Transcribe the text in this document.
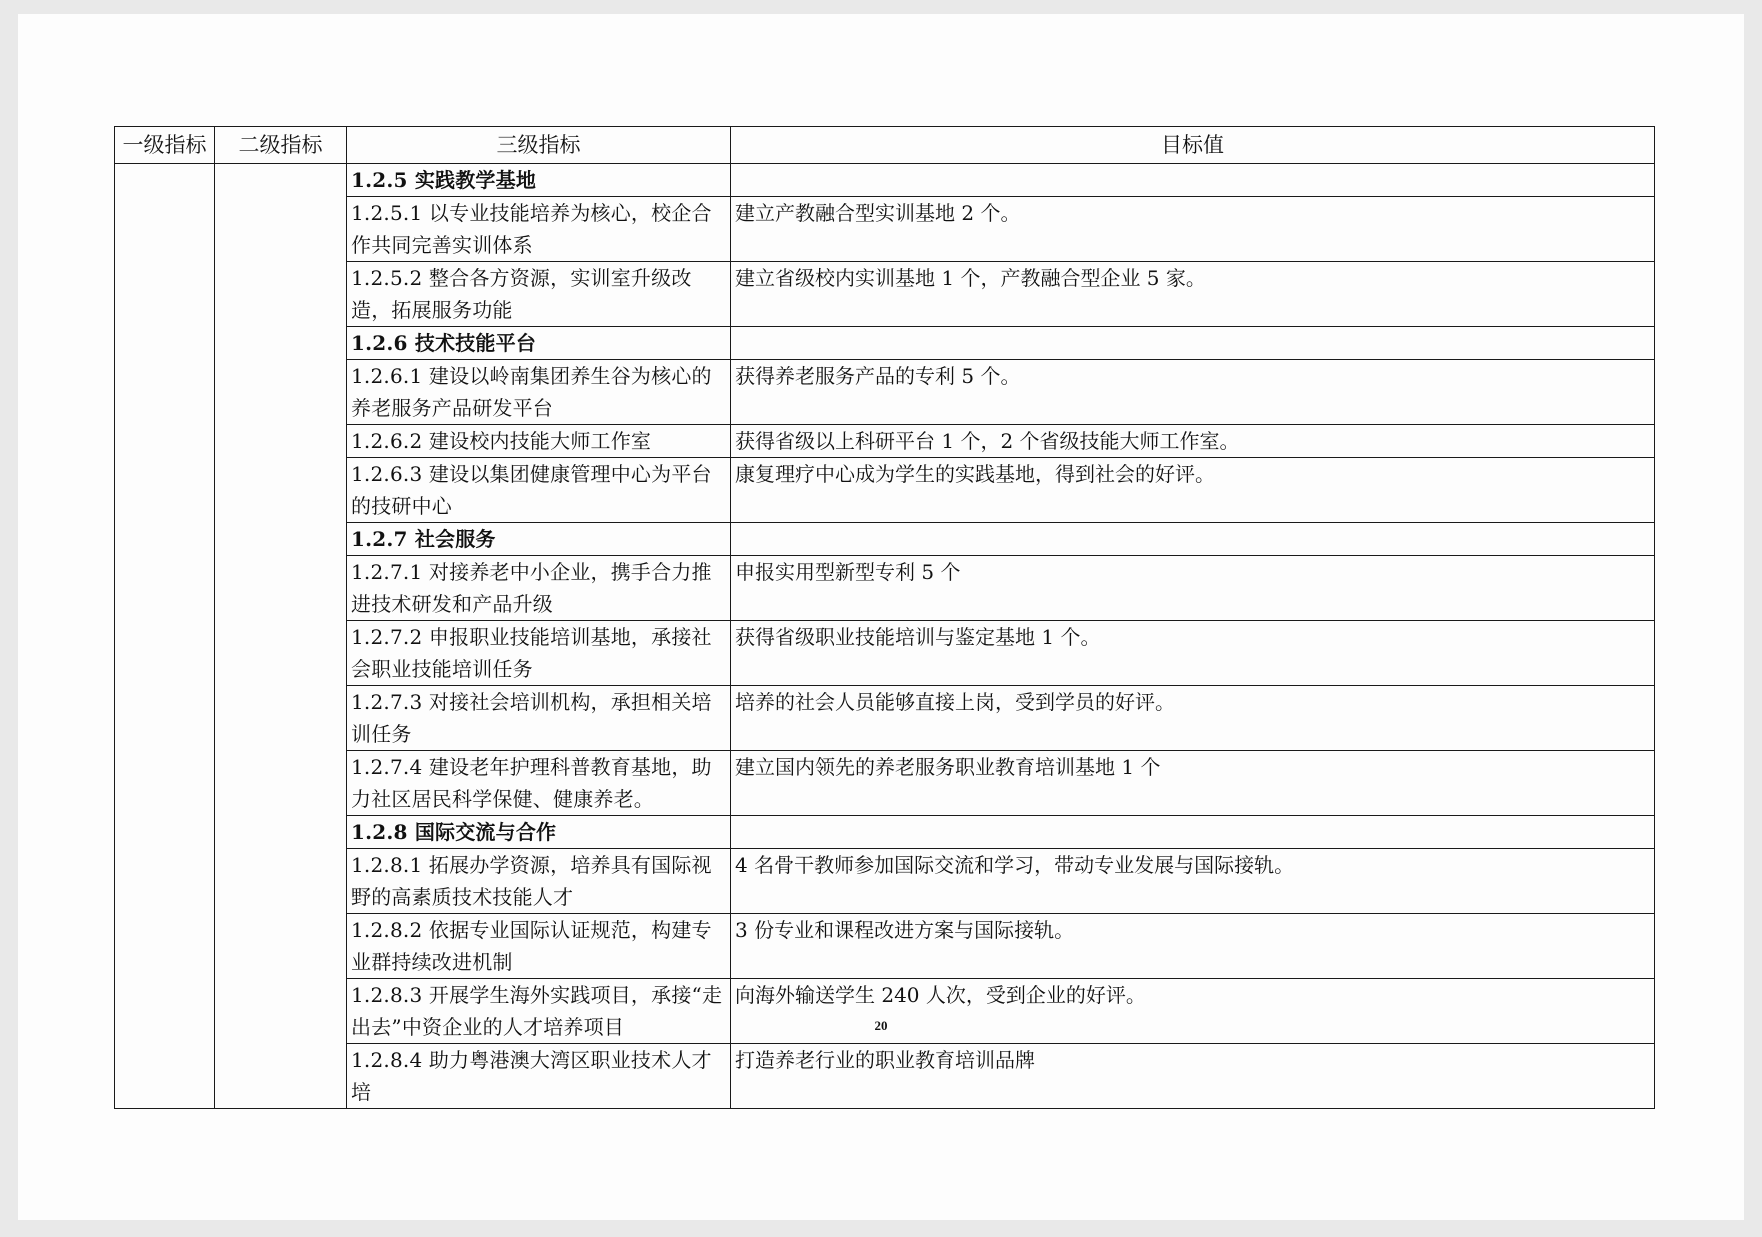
一级指标	二级指标	三级指标	目标值
		1.2.5 实践教学基地	
		1.2.5.1 以专业技能培养为核心，校企合作共同完善实训体系	建立产教融合型实训基地 2 个。
		1.2.5.2 整合各方资源，实训室升级改造，拓展服务功能	建立省级校内实训基地 1 个，产教融合型企业 5 家。
		1.2.6 技术技能平台	
		1.2.6.1 建设以岭南集团养生谷为核心的养老服务产品研发平台	获得养老服务产品的专利 5 个。
		1.2.6.2 建设校内技能大师工作室	获得省级以上科研平台 1 个，2 个省级技能大师工作室。
		1.2.6.3 建设以集团健康管理中心为平台的技研中心	康复理疗中心成为学生的实践基地，得到社会的好评。
		1.2.7 社会服务	
		1.2.7.1 对接养老中小企业，携手合力推进技术研发和产品升级	申报实用型新型专利 5 个
		1.2.7.2 申报职业技能培训基地，承接社会职业技能培训任务	获得省级职业技能培训与鉴定基地 1 个。
		1.2.7.3 对接社会培训机构，承担相关培训任务	培养的社会人员能够直接上岗，受到学员的好评。
		1.2.7.4 建设老年护理科普教育基地，助力社区居民科学保健、健康养老。	建立国内领先的养老服务职业教育培训基地 1 个
		1.2.8 国际交流与合作	
		1.2.8.1 拓展办学资源，培养具有国际视野的高素质技术技能人才	4 名骨干教师参加国际交流和学习，带动专业发展与国际接轨。
		1.2.8.2 依据专业国际认证规范，构建专业群持续改进机制	3 份专业和课程改进方案与国际接轨。
		1.2.8.3 开展学生海外实践项目，承接“走出去”中资企业的人才培养项目	向海外输送学生 240 人次，受到企业的好评。
		1.2.8.4 助力粤港澳大湾区职业技术人才培	打造养老行业的职业教育培训品牌
20
